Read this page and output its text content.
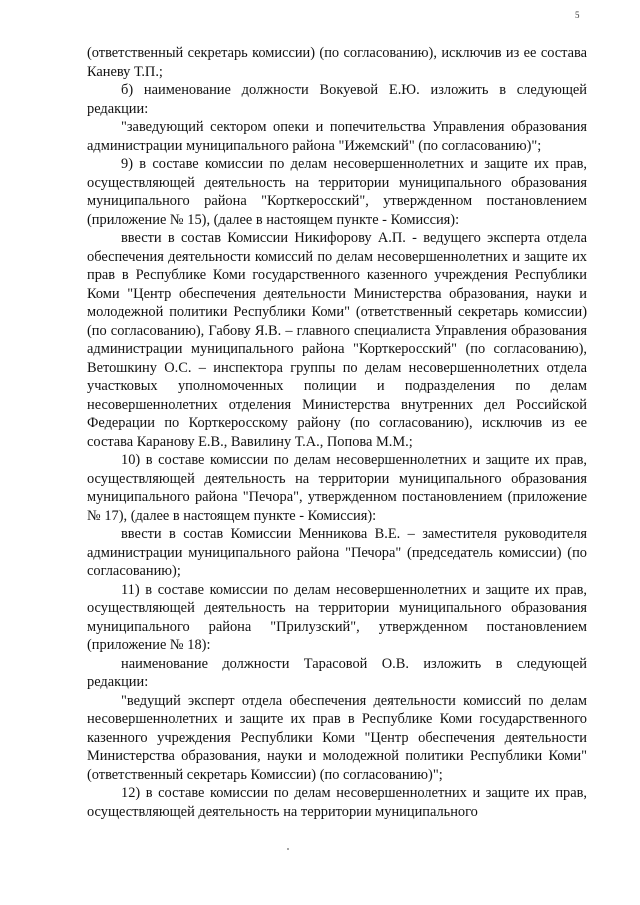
5

(ответственный секретарь комиссии) (по согласованию), исключив из ее состава Каневу Т.П.;

б) наименование должности Вокуевой Е.Ю. изложить в следующей редакции:

"заведующий сектором опеки и попечительства Управления образования администрации муниципального района "Ижемский" (по согласованию)";

9) в составе комиссии по делам несовершеннолетних и защите их прав, осуществляющей деятельность на территории муниципального образования муниципального района "Корткеросский", утвержденном постановлением (приложение № 15), (далее в настоящем пункте - Комиссия):

ввести в состав Комиссии Никифорову А.П. - ведущего эксперта отдела обеспечения деятельности комиссий по делам несовершеннолетних и защите их прав в Республике Коми государственного казенного учреждения Республики Коми "Центр обеспечения деятельности Министерства образования, науки и молодежной политики Республики Коми" (ответственный секретарь комиссии) (по согласованию), Габову Я.В. – главного специалиста Управления образования администрации муниципального района "Корткеросский" (по согласованию), Ветошкину О.С. – инспектора группы по делам несовершеннолетних отдела участковых уполномоченных полиции и подразделения по делам несовершеннолетних отделения Министерства внутренних дел Российской Федерации по Корткеросскому району (по согласованию), исключив из ее состава Каранову Е.В., Вавилину Т.А., Попова М.М.;

10) в составе комиссии по делам несовершеннолетних и защите их прав, осуществляющей деятельность на территории муниципального образования муниципального района "Печора", утвержденном постановлением (приложение № 17), (далее в настоящем пункте - Комиссия):

ввести в состав Комиссии Менникова В.Е. – заместителя руководителя администрации муниципального района "Печора" (председатель комиссии) (по согласованию);

11) в составе комиссии по делам несовершеннолетних и защите их прав, осуществляющей деятельность на территории муниципального образования муниципального района "Прилузский", утвержденном постановлением (приложение № 18):

наименование должности Тарасовой О.В. изложить в следующей редакции:

"ведущий эксперт отдела обеспечения деятельности комиссий по делам несовершеннолетних и защите их прав в Республике Коми государственного казенного учреждения Республики Коми "Центр обеспечения деятельности Министерства образования, науки и молодежной политики Республики Коми" (ответственный секретарь Комиссии) (по согласованию)";

12) в составе комиссии по делам несовершеннолетних и защите их прав, осуществляющей деятельность на территории муниципального
